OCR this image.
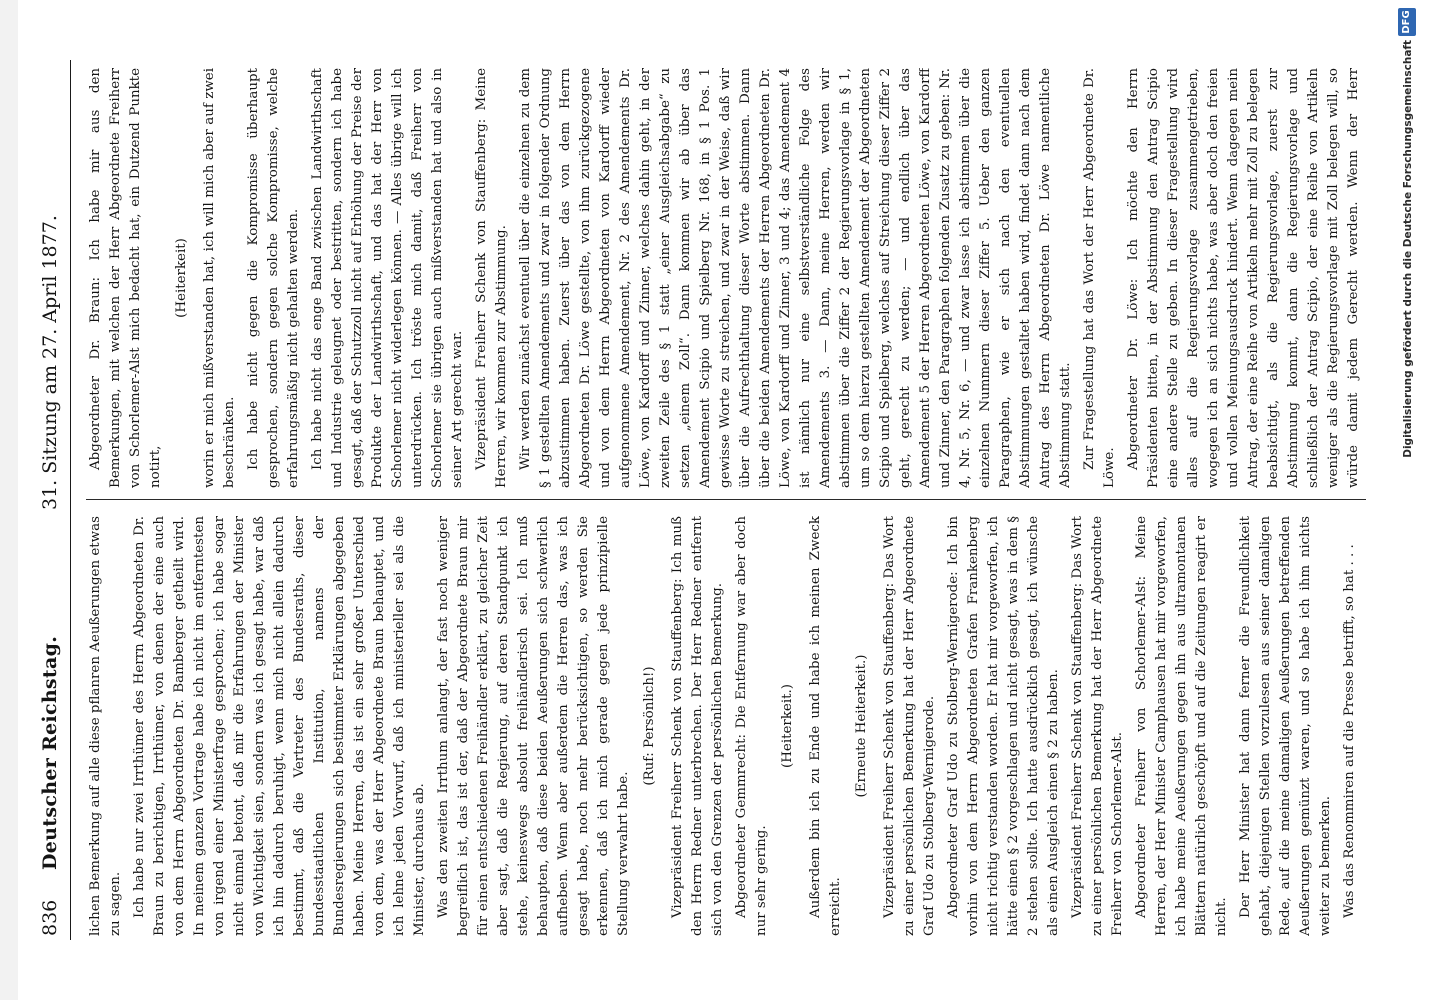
836
Deutscher Reichstag.
31. Sitzung am 27. April 1877.

lichen Bemerkung auf alle diese pflanren Aeußerungen etwas zu sagen. Ich habe nur zwei Irrthümer des Herrn Abgeordneten Dr. Braun zu berichtigen, Irrthümer, von denen der eine auch von dem Herrn Abgeordneten Dr. Bamberger getheilt wird. In meinem ganzen Vortrage habe ich nicht im entferntesten von irgend einer Ministerfrage gesprochen; ich habe sogar nicht einmal betont, daß mir die Erfahrungen der Minister von Wichtigkeit sien, sondern was ich gesagt habe, war daß ich hin dadurch beruhigt, wenn mich nicht allein dadurch bestimmt, daß die Vertreter des Bundesraths, dieser bundesstaatlichen Institution, namens der Bundesregierungen sich bestimmter Erklärungen abgegeben haben. Meine Herren, das ist ein sehr großer Unterschied von dem, was der Herr Abgeordnete Braun behauptet, und ich lehne jeden Vorwurf, daß ich ministerieller sei als die Minister, durchaus ab. Was den zweiten Irrthum anlangt, der fast noch weniger begreiflich ist, das ist der, daß der Abgeordnete Braun mir für einen entschiedenen Freihändler erklärt, zu gleicher Zeit aber sagt, daß die Regierung, auf deren Standpunkt ich stehe, keineswegs absolut freihändlerisch sei. Ich muß behaupten, daß diese beiden Aeußerungen sich schwerlich aufheben. Wenn aber außerdem die Herren das, was ich gesagt habe, noch mehr berücksichtigen, so werden Sie erkennen, daß ich mich gerade gegen jede prinzipielle Stellung verwahrt habe.

(Ruf: Persönlich!) Vizepräsident Freiherr Schenk von Stauffenberg: Ich muß den Herrn Redner unterbrechen. Der Herr Redner entfernt sich von den Grenzen der persönlichen Bemerkung. Abgeordneter Gemmrecht: Die Entfernung war aber doch nur sehr gering.

(Heiterkeit.) Außerdem bin ich zu Ende und habe ich meinen Zweck erreicht.

(Erneute Heiterkeit.) Vizepräsident Freiherr Schenk von Stauffenberg: Das Wort zu einer persönlichen Bemerkung hat der Herr Abgeordnete Graf Udo zu Stolberg-Wernigerode. Abgeordneter Graf Udo zu Stolberg-Wernigerode: Ich bin vorhin von dem Herrn Abgeordneten Grafen Frankenberg nicht richtig verstanden worden. Er hat mir vorgeworfen, ich hätte einen § 2 vorgeschlagen und nicht gesagt, was in dem § 2 stehen sollte. Ich hatte ausdrücklich gesagt, ich wünsche als einen Ausgleich einen § 2 zu haben. Vizepräsident Freiherr Schenk von Stauffenberg: Das Wort zu einer persönlichen Bemerkung hat der Herr Abgeordnete Freiherr von Schorlemer-Alst. Abgeordneter Freiherr von Schorlemer-Alst: Meine Herren, der Herr Minister Camphausen hat mir vorgeworfen, ich habe meine Aeußerungen gegen ihn aus ultramontanen Blättern natürlich geschöpft und auf die Zeitungen reagirt er nicht. Der Herr Minister hat dann ferner die Freundlichkeit gehabt, diejenigen Stellen vorzulesen aus seiner damaligen Rede, auf die meine damaligen Aeußerungen betreffenden Aeußerungen gemünzt waren, und so habe ich ihm nichts weiter zu bemerken. Was das Renommiren auf die Presse betrifft, so hat . . .

Abgeordneter Dr. Braun: Ich habe mir aus den Bemerkungen, mit welchen der Herr Abgeordnete Freiherr von Schorlemer-Alst mich bedacht hat, ein Dutzend Punkte notirt,

(Heiterkeit) worin er mich mißverstanden hat, ich will mich aber auf zwei beschränken. Ich habe nicht gegen die Kompromisse überhaupt gesprochen, sondern gegen solche Kompromisse, welche erfahrungsmäßig nicht gehalten werden. Ich habe nicht das enge Band zwischen Landwirthschaft und Industrie geleugnet oder bestritten, sondern ich habe gesagt, daß der Schutzzoll nicht auf Erhöhung der Preise der Produkte der Landwirthschaft, und das hat der Herr von Schorlemer nicht widerlegen können. — Alles übrige will ich unterdrücken. Ich tröste mich damit, daß Freiherr von Schorlemer sie übrigen auch mißverstanden hat und also in seiner Art gerecht war. Vizepräsident Freiherr Schenk von Stauffenberg: Meine Herren, wir kommen zur Abstimmung. Wir werden zunächst eventuell über die einzelnen zu dem § 1 gestellten Amendements und zwar in folgender Ordnung abzustimmen haben. Zuerst über das von dem Herrn Abgeordneten Dr. Löwe gestellte, von ihm zurückgezogene und von dem Herrn Abgeordneten von Kardorff wieder aufgenommene Amendement, Nr. 2 des Amendements Dr. Löwe, von Kardorff und Zinner, welches dahin geht, in der zweiten Zeile des § 1 statt „einer Ausgleichsabgabe“ zu setzen „einem Zoll“. Dann kommen wir ab über das Amendement Scipio und Spielberg Nr. 168, in § 1 Pos. 1 gewisse Worte zu streichen, und zwar in der Weise, daß wir über die Aufrechthaltung dieser Worte abstimmen. Dann über die beiden Amendements der Herren Abgeordneten Dr. Löwe, von Kardorff und Zinner, 3 und 4; das Amendement 4 ist nämlich nur eine selbstverständliche Folge des Amendements 3. — Dann, meine Herren, werden wir abstimmen über die Ziffer 2 der Regierungsvorlage in § 1, um so dem hierzu gestellten Amendement der Abgeordneten Scipio und Spielberg, welches auf Streichung dieser Ziffer 2 geht, gerecht zu werden; — und endlich über das Amendement 5 der Herren Abgeordneten Löwe, von Kardorff und Zinner, den Paragraphen folgenden Zusatz zu geben: Nr. 4, Nr. 5, Nr. 6, — und zwar lasse ich abstimmen über die einzelnen Nummern dieser Ziffer 5. Ueber den ganzen Paragraphen, wie er sich nach den eventuellen Abstimmungen gestaltet haben wird, findet dann nach dem Antrag des Herrn Abgeordneten Dr. Löwe namentliche Abstimmung statt. Zur Fragestellung hat das Wort der Herr Abgeordnete Dr. Löwe. Abgeordneter Dr. Löwe: Ich möchte den Herrn Präsidenten bitten, in der Abstimmung den Antrag Scipio eine andere Stelle zu geben. In dieser Fragestellung wird alles auf die Regierungsvorlage zusammengetrieben, wogegen ich an sich nichts habe, was aber doch den freien und vollen Meinungsausdruck hindert. Wenn dagegen mein Antrag, der eine Reihe von Artikeln mehr mit Zoll zu belegen beabsichtigt, als die Regierungsvorlage, zuerst zur Abstimmung kommt, dann die Regierungsvorlage und schließlich der Antrag Scipio, der eine Reihe von Artikeln weniger als die Regierungsvorlage mit Zoll belegen will, so würde damit jedem Gerecht werden. Wenn der Herr	Digitalisierung gefördert durch die Deutsche Forschungsgemeinschaft
DFG
